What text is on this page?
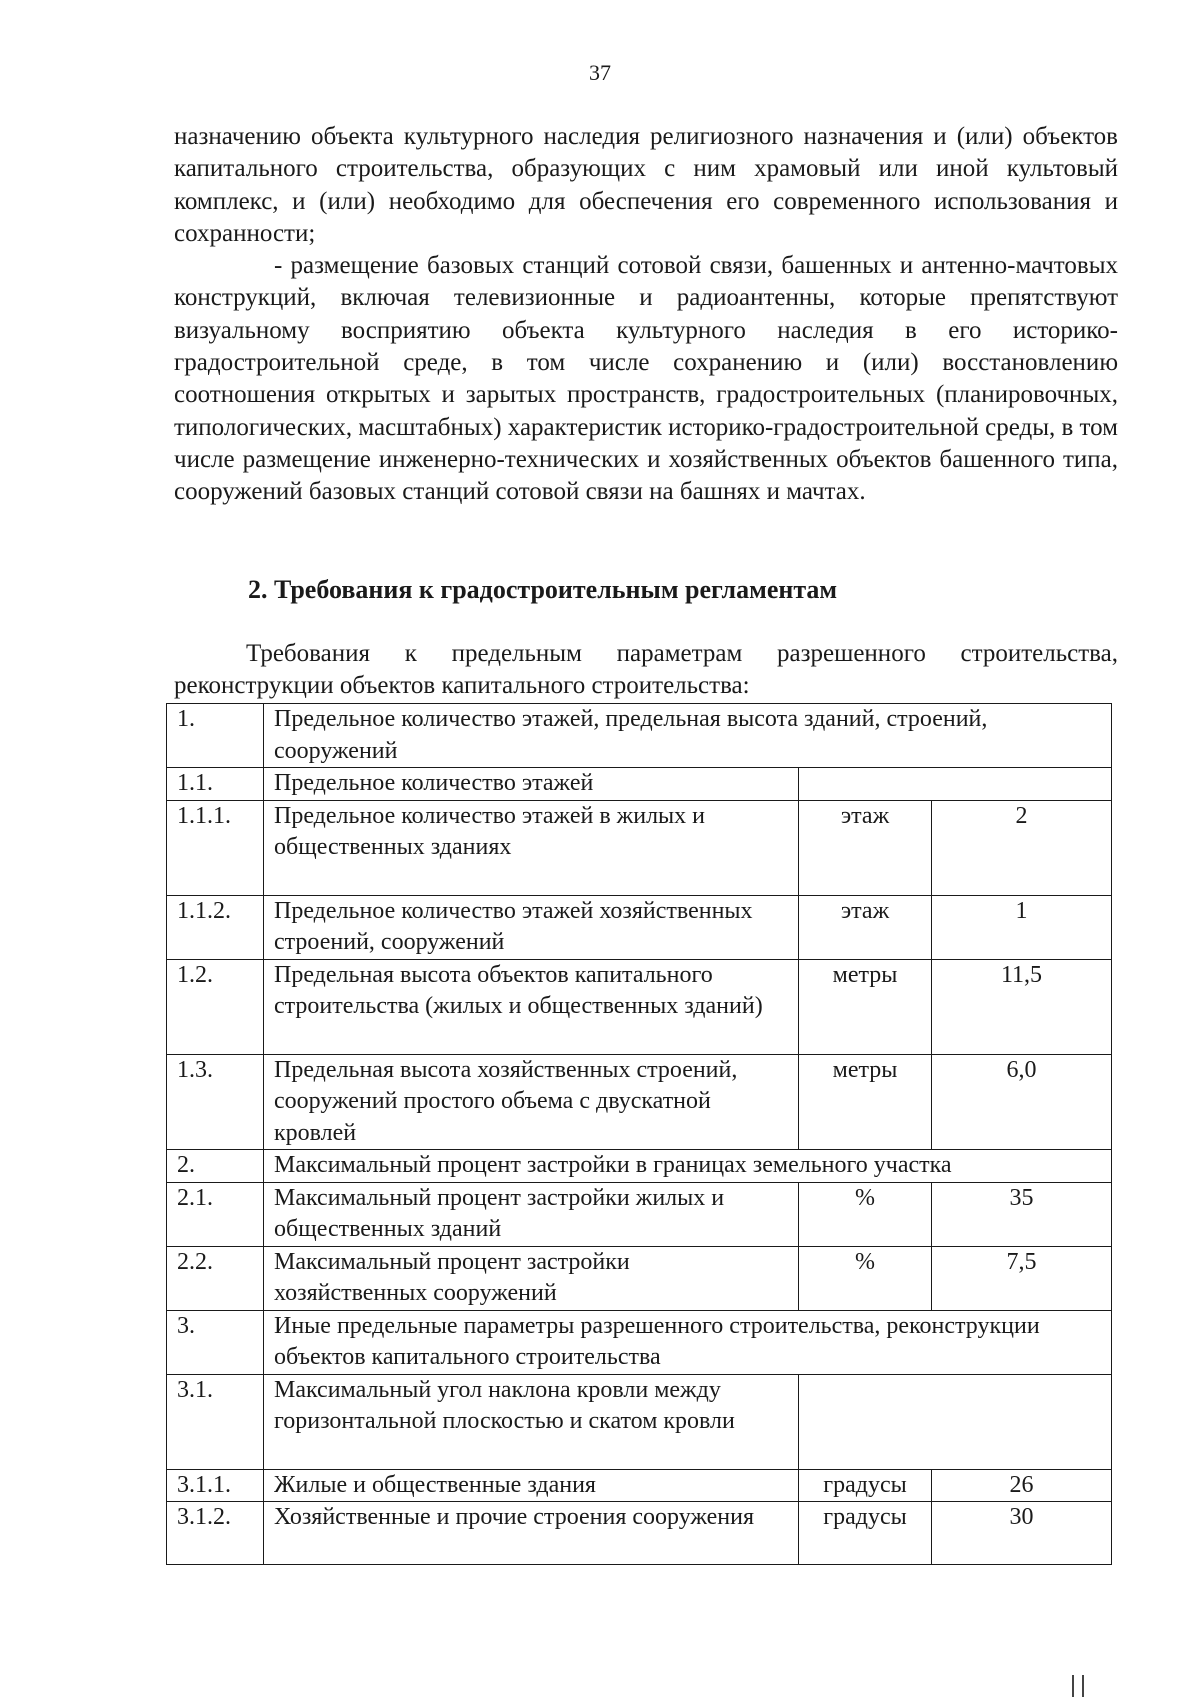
37

назначению объекта культурного наследия религиозного назначения и (или) объектов капитального строительства, образующих с ним храмовый или иной культовый комплекс, и (или) необходимо для обеспечения его современного использования и сохранности;

- размещение базовых станций сотовой связи, башенных и антенно-мачтовых конструкций, включая телевизионные и радиоантенны, которые препятствуют визуальному восприятию объекта культурного наследия в его историко-градостроительной среде, в том числе сохранению и (или) восстановлению соотношения открытых и зарытых пространств, градостроительных (планировочных, типологических, масштабных) характеристик историко-градостроительной среды, в том числе размещение инженерно-технических и хозяйственных объектов башенного типа, сооружений базовых станций сотовой связи на башнях и мачтах.

2. Требования к градостроительным регламентам

Требования к предельным параметрам разрешенного строительства, реконструкции объектов капитального строительства:

1.	Предельное количество этажей, предельная высота зданий, строений, сооружений		
1.1.	Предельное количество этажей		
1.1.1.	Предельное количество этажей в жилых и общественных зданиях	этаж	2
1.1.2.	Предельное количество этажей хозяйственных строений, сооружений	этаж	1
1.2.	Предельная высота объектов капитального строительства (жилых и общественных зданий)	метры	11,5
1.3.	Предельная высота хозяйственных строений, сооружений простого объема с двускатной кровлей	метры	6,0
2.	Максимальный процент застройки в границах земельного участка		
2.1.	Максимальный процент застройки жилых и общественных зданий	%	35
2.2.	Максимальный процент застройки хозяйственных сооружений	%	7,5
3.	Иные предельные параметры разрешенного строительства, реконструкции объектов капитального строительства		
3.1.	Максимальный угол наклона кровли между горизонтальной плоскостью и скатом кровли		
3.1.1.	Жилые и общественные здания	градусы	26
3.1.2.	Хозяйственные и прочие строения сооружения	градусы	30
